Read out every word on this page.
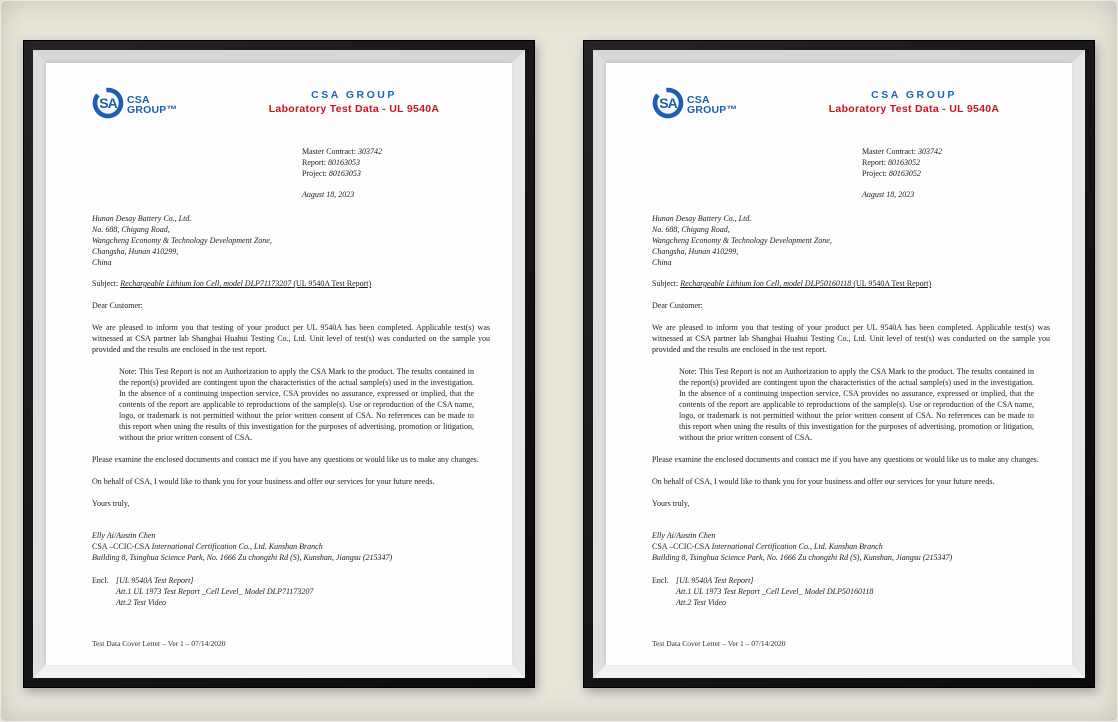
SA CSA
GROUP™
CSA GROUP
Laboratory Test Data - UL 9540A
Master Contract: 303742
Report: 80163053
Project: 80163053
August 18, 2023
Hunan Desay Battery Co., Ltd.
No. 688, Chigang Road,
Wangcheng Economy & Technology Development Zone,
Changsha, Hunan 410299,
China
Subject: Rechargeable Lithium Ion Cell, model DLP71173207 (UL 9540A Test Report)
Dear Customer:
We are pleased to inform you that testing of your product per UL 9540A has been completed. Applicable test(s) was witnessed at CSA partner lab Shanghai Huahui Testing Co., Ltd. Unit level of test(s) was conducted on the sample you provided and the results are enclosed in the test report.
Note: This Test Report is not an Authorization to apply the CSA Mark to the product. The results contained in the report(s) provided are contingent upon the characteristics of the actual sample(s) used in the investigation. In the absence of a continuing inspection service, CSA provides no assurance, expressed or implied, that the contents of the report are applicable to reproductions of the sample(s). Use or reproduction of the CSA name, logo, or trademark is not permitted without the prior written consent of CSA. No references can be made to this report when using the results of this investigation for the purposes of advertising, promotion or litigation, without the prior written consent of CSA.
Please examine the enclosed documents and contact me if you have any questions or would like us to make any changes.
On behalf of CSA, I would like to thank you for your business and offer our services for your future needs.
Yours truly,
Elly Ai/Austin Chen
CSA –CCIC-CSA International Certification Co., Ltd. Kunshan Branch
Building 8, Tsinghua Science Park, No. 1666 Zu chongzhi Rd (S), Kunshan, Jiangsu (215347)
Encl. [UL 9540A Test Report]
Att.1 UL 1973 Test Report _Cell Level_ Model DLP71173207
Att.2 Test Video
Test Data Cover Letter – Ver 1 – 07/14/2020
SA CSA
GROUP™
CSA GROUP
Laboratory Test Data - UL 9540A
Master Contract: 303742
Report: 80163052
Project: 80163052
August 18, 2023
Hunan Desay Battery Co., Ltd.
No. 688, Chigang Road,
Wangcheng Economy & Technology Development Zone,
Changsha, Hunan 410299,
China
Subject: Rechargeable Lithium Ion Cell, model DLP50160118 (UL 9540A Test Report)
Dear Customer:
We are pleased to inform you that testing of your product per UL 9540A has been completed. Applicable test(s) was witnessed at CSA partner lab Shanghai Huahui Testing Co., Ltd. Unit level of test(s) was conducted on the sample you provided and the results are enclosed in the test report.
Note: This Test Report is not an Authorization to apply the CSA Mark to the product. The results contained in the report(s) provided are contingent upon the characteristics of the actual sample(s) used in the investigation. In the absence of a continuing inspection service, CSA provides no assurance, expressed or implied, that the contents of the report are applicable to reproductions of the sample(s). Use or reproduction of the CSA name, logo, or trademark is not permitted without the prior written consent of CSA. No references can be made to this report when using the results of this investigation for the purposes of advertising, promotion or litigation, without the prior written consent of CSA.
Please examine the enclosed documents and contact me if you have any questions or would like us to make any changes.
On behalf of CSA, I would like to thank you for your business and offer our services for your future needs.
Yours truly,
Elly Ai/Austin Chen
CSA –CCIC-CSA International Certification Co., Ltd. Kunshan Branch
Building 8, Tsinghua Science Park, No. 1666 Zu chongzhi Rd (S), Kunshan, Jiangsu (215347)
Encl. [UL 9540A Test Report]
Att.1 UL 1973 Test Report _Cell Level_ Model DLP50160118
Att.2 Test Video
Test Data Cover Letter – Ver 1 – 07/14/2020
